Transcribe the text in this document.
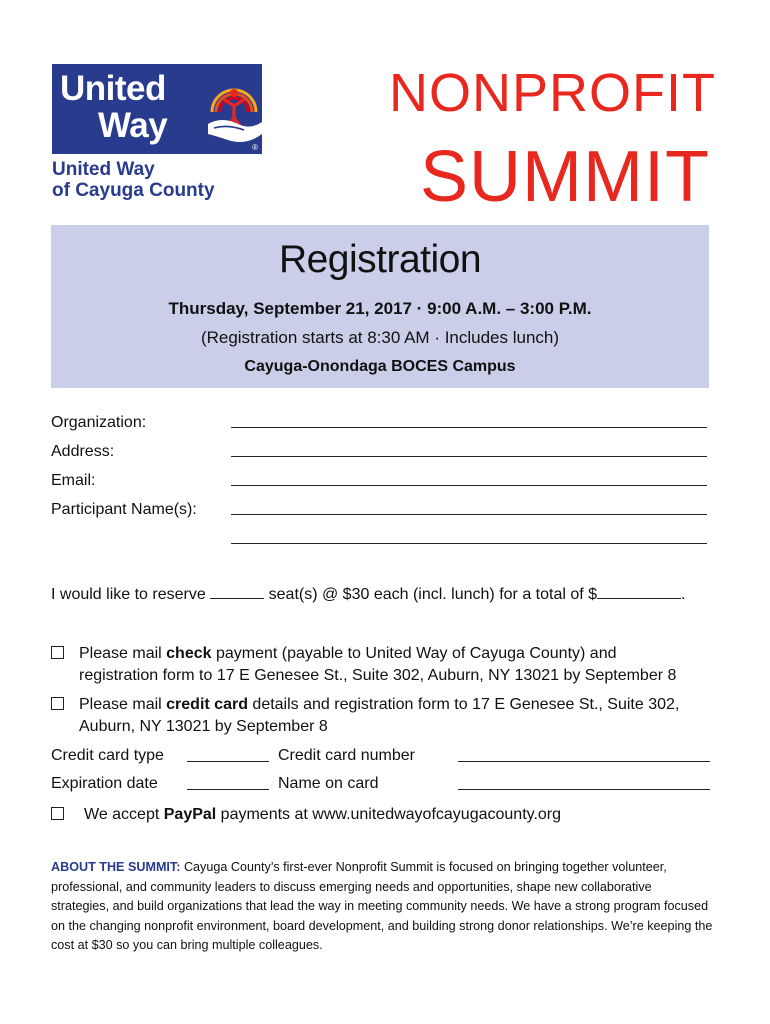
United
Way
®
United Way
of Cayuga County
NONPROFIT
SUMMIT
Registration
Thursday, September 21, 2017 · 9:00 A.M. – 3:00 P.M.
(Registration starts at 8:30 AM · Includes lunch)
Cayuga-Onondaga BOCES Campus
Organization:
Address:
Email:
Participant Name(s):
I would like to reserve	seat(s) @ $30 each (incl. lunch) for a total of $	.
Please mail check payment (payable to United Way of Cayuga County) and
registration form to 17 E Genesee St., Suite 302, Auburn, NY 13021 by September 8
Please mail credit card details and registration form to 17 E Genesee St., Suite 302,
Auburn, NY 13021 by September 8
Credit card type	Credit card number
Expiration date	Name on card
We accept PayPal payments at www.unitedwayofcayugacounty.org
ABOUT THE SUMMIT: Cayuga County’s first-ever Nonprofit Summit is focused on bringing together volunteer, professional, and community leaders to discuss emerging needs and opportunities, shape new collaborative strategies, and build organizations that lead the way in meeting community needs. We have a strong program focused on the changing nonprofit environment, board development, and building strong donor relationships. We’re keeping the cost at $30 so you can bring multiple colleagues.
